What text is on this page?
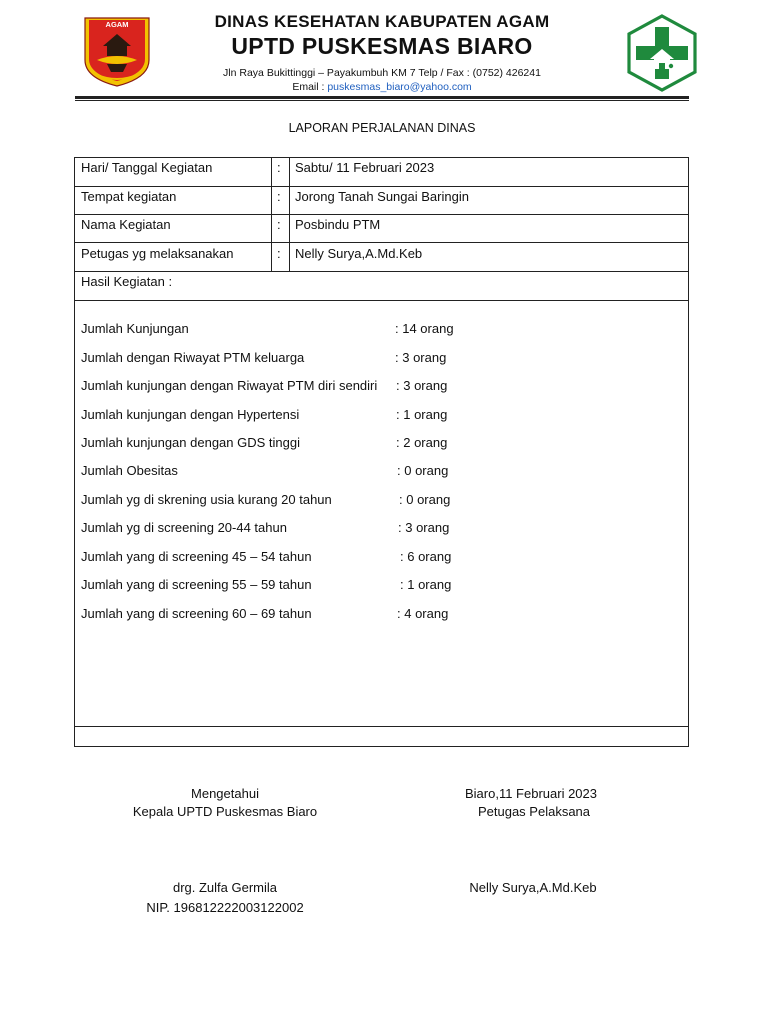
AGAM	DINAS KESEHATAN KABUPATEN AGAM
UPTD PUSKESMAS BIARO
Jln Raya Bukittinggi – Payakumbuh KM 7 Telp / Fax : (0752) 426241
Email : puskesmas_biaro@yahoo.com
LAPORAN PERJALANAN DINAS
Hari/ Tanggal Kegiatan	: Sabtu/ 11 Februari 2023
Tempat kegiatan	: Jorong Tanah Sungai Baringin
Nama Kegiatan	: Posbindu PTM
Petugas yg melaksanakan	: Nelly Surya,A.Md.Keb
Hasil Kegiatan :
Jumlah Kunjungan	: 14 orang
Jumlah dengan Riwayat PTM keluarga	: 3 orang
Jumlah kunjungan dengan Riwayat PTM diri sendiri : 3 orang
Jumlah kunjungan dengan Hypertensi	: 1 orang
Jumlah kunjungan dengan GDS tinggi	: 2 orang
Jumlah Obesitas	: 0 orang
Jumlah yg di skrening usia kurang 20 tahun	: 0 orang
Jumlah yg di screening 20-44 tahun	: 3 orang
Jumlah yang di screening 45 – 54 tahun	: 6 orang
Jumlah yang di screening 55 – 59 tahun	: 1 orang
Jumlah yang di screening 60 – 69 tahun	: 4 orang
Mengetahui
Kepala UPTD Puskesmas Biaro
drg. Zulfa Germila
NIP. 196812222003122002
Biaro,11 Februari 2023
Petugas Pelaksana
Nelly Surya,A.Md.Keb
